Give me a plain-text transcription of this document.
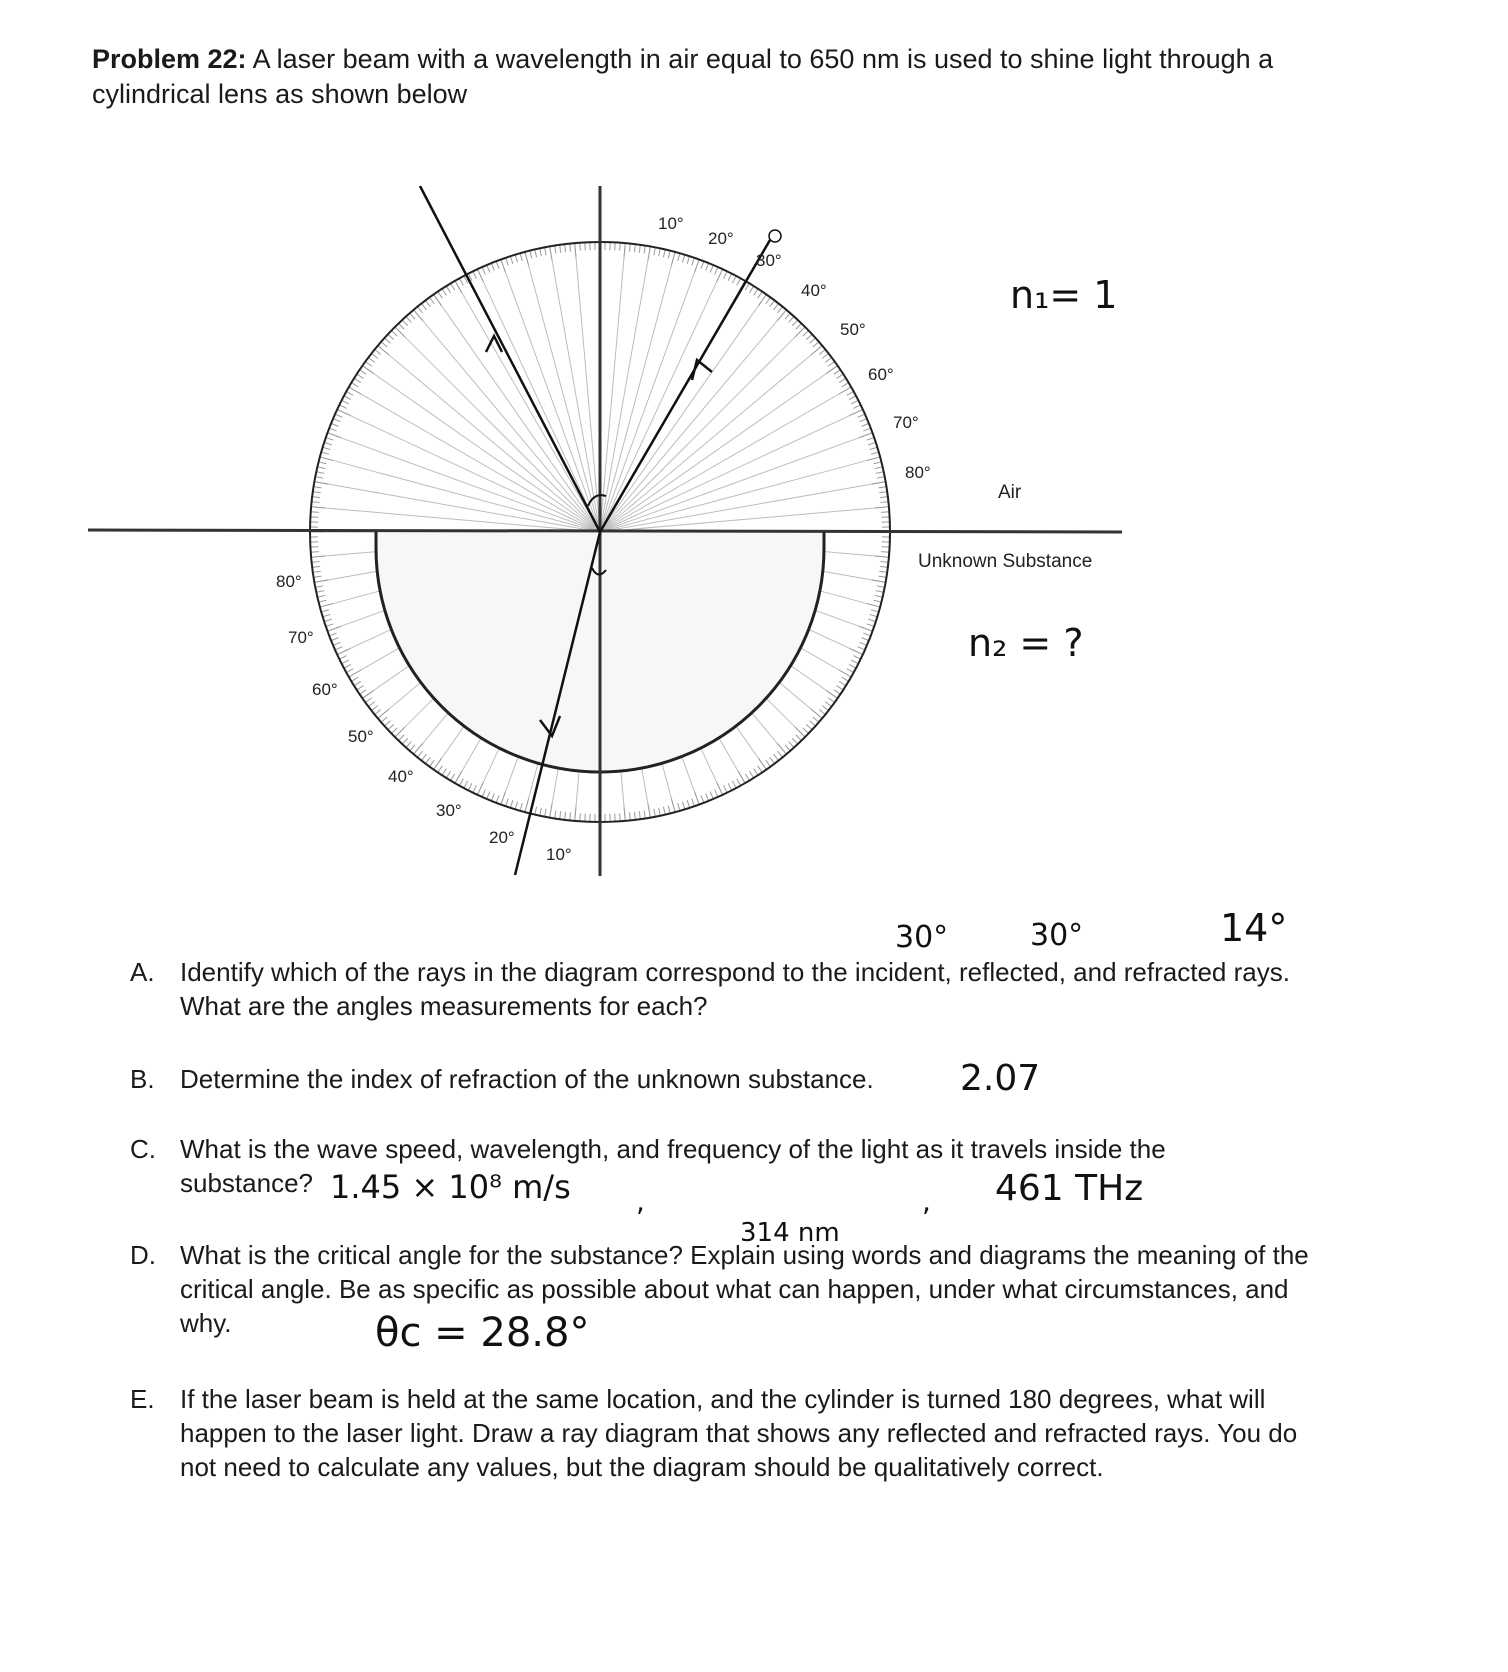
Problem 22: A laser beam with a wavelength in air equal to 650 nm is used to shine light through a cylindrical lens as shown below
10°
20°
30°
40°
50°
60°
70°
80°
80°
70°
60°
50°
40°
30°
20°
10°
Air
Unknown Substance
n₁= 1
n₂ = ?
30°	30°	14°
A. Identify which of the rays in the diagram correspond to the incident, reflected, and refracted rays. What are the angles measurements for each?
B. Determine the index of refraction of the unknown substance.	2.07
C. What is the wave speed, wavelength, and frequency of the light as it travels inside the substance? 1.45 × 10⁸ m/s ,	,
314 nm
461 THz
D. What is the critical angle for the substance? Explain using words and diagrams the meaning of the critical angle. Be as specific as possible about what can happen, under what circumstances, and why.	θc = 28.8°
E. If the laser beam is held at the same location, and the cylinder is turned 180 degrees, what will happen to the laser light. Draw a ray diagram that shows any reflected and refracted rays. You do not need to calculate any values, but the diagram should be qualitatively correct.
